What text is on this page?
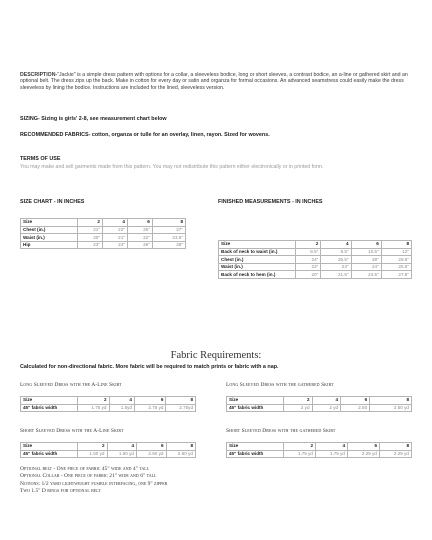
DESCRIPTION-"Jackie" is a simple dress pattern with options for a collar, a sleeveless bodice, long or short sleeves, a contrast bodice, an a-line or gathered skirt and an optional belt. The dress zips up the back. Make in cotton for every day or satin and organza for formal occasions. An advanced seamstress could easily make the dress sleeveless by lining the bodice. Instructions are included for the lined, sleeveless version.

SIZING- Sizing is girls' 2-8, see measurement chart below

RECOMMENDED FABRICS- cotton, organza or tulle for an overlay, linen, rayon. Sized for wovens.

TERMS OF USE

You may make and sell garments made from this pattern. You may not redistribute this pattern either electronically or in printed form.

SIZE CHART - IN INCHES
Size	2	4	6	8
Chest (in.)	21"	22"	25"	27"
Waist (in.)	20"	21"	22"	23.5"
Hip	23"	24"	26"	28"
FINISHED MEASUREMENTS - IN INCHES
Size	2	4	6	8
Back of neck to waist (in.)	8.5"	9.5"	10.5"	12"
Chest (in.)	24"	25.5"	28"	29.5"
Waist (in.)	22"	23"	24"	25.5"
Back of neck to hem (in.)	20"	21.5"	24.5"	27.5"
Fabric Requirements:
Calculated for non-directional fabric. More fabric will be required to match prints or fabric with a nap.
Long Sleeved Dress with the A-Line Skirt
Size	2	4	6	8
45" fabric width	1.75 yd	1.5yd	2.75 yd	2.75yd
Long Sleeved Dress with the gathered Skirt
Size	2	4	6	8
45" fabric width	2 yd	2 yd	2.50	2.50 yd
Short Sleeved Dress with the A-Line Skirt
Size	2	4	6	8
45" fabric width	1.50 yd	1.50 yd	2.50 yd	2.50 yd
Short Sleeved Dress with the gathered Skirt
Size	2	4	6	8
45" fabric width	1.75 yd	1.75 yd	2.25 yd	2.25 yd
Optional belt - One piece of fabric 45" wide and 4" tall
Optional Collar - One piece of fabric 21" wide and 6" tall
Notions: 1/2 yard lightweight fusible interfacing, one 9" zipper
Two 1.5" D rings for optional belt
